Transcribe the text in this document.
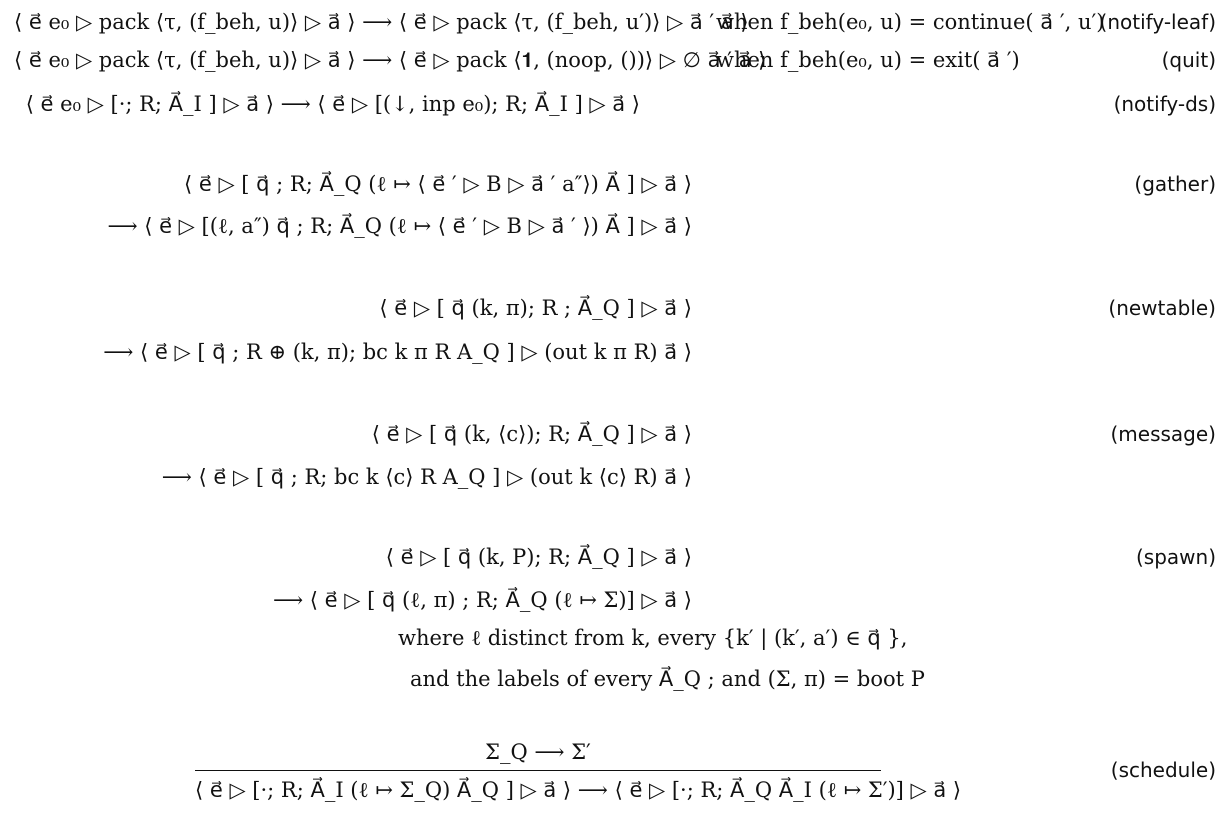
⟨ e⃗ e₀ ▷ pack ⟨τ, (f_beh, u)⟩ ▷ a⃗ ⟩ ⟶ ⟨ e⃗ ▷ pack ⟨τ, (f_beh, u′)⟩ ▷ a⃗ ′ a⃗ ⟩
when f_beh(e₀, u) = continue( a⃗ ′, u′)
(notify-leaf)
⟨ e⃗ e₀ ▷ pack ⟨τ, (f_beh, u)⟩ ▷ a⃗ ⟩ ⟶ ⟨ e⃗ ▷ pack ⟨𝟏, (noop, ())⟩ ▷ ∅ a⃗ ′ a⃗ ⟩
when f_beh(e₀, u) = exit( a⃗ ′)	(quit)
⟨ e⃗ e₀ ▷ [·; R; A⃗_I ] ▷ a⃗ ⟩ ⟶ ⟨ e⃗ ▷ [(↓, inp e₀); R; A⃗_I ] ▷ a⃗ ⟩	(notify-ds)
⟨ e⃗ ▷ [ q⃗ ; R; A⃗_Q (ℓ ↦ ⟨ e⃗ ′ ▷ B ▷ a⃗ ′ a″⟩) A⃗ ] ▷ a⃗ ⟩
⟶ ⟨ e⃗ ▷ [(ℓ, a″) q⃗ ; R; A⃗_Q (ℓ ↦ ⟨ e⃗ ′ ▷ B ▷ a⃗ ′ ⟩) A⃗ ] ▷ a⃗ ⟩
(gather)
⟨ e⃗ ▷ [ q⃗ (k, π); R ; A⃗_Q ] ▷ a⃗ ⟩
⟶ ⟨ e⃗ ▷ [ q⃗ ; R ⊕ (k, π); bc k π R A_Q ] ▷ (out k π R) a⃗ ⟩
(newtable)
⟨ e⃗ ▷ [ q⃗ (k, ⟨c⟩); R; A⃗_Q ] ▷ a⃗ ⟩
⟶ ⟨ e⃗ ▷ [ q⃗ ; R; bc k ⟨c⟩ R A_Q ] ▷ (out k ⟨c⟩ R) a⃗ ⟩
(message)
⟨ e⃗ ▷ [ q⃗ (k, P); R; A⃗_Q ] ▷ a⃗ ⟩
⟶ ⟨ e⃗ ▷ [ q⃗ (ℓ, π) ; R; A⃗_Q (ℓ ↦ Σ)] ▷ a⃗ ⟩
where ℓ distinct from k, every {k′ | (k′, a′) ∈ q⃗ },
and the labels of every A⃗_Q ; and (Σ, π) = boot P
(spawn)
Σ_Q ⟶ Σ′
⟨ e⃗ ▷ [·; R; A⃗_I (ℓ ↦ Σ_Q) A⃗_Q ] ▷ a⃗ ⟩ ⟶ ⟨ e⃗ ▷ [·; R; A⃗_Q A⃗_I (ℓ ↦ Σ′)] ▷ a⃗ ⟩
(schedule)
